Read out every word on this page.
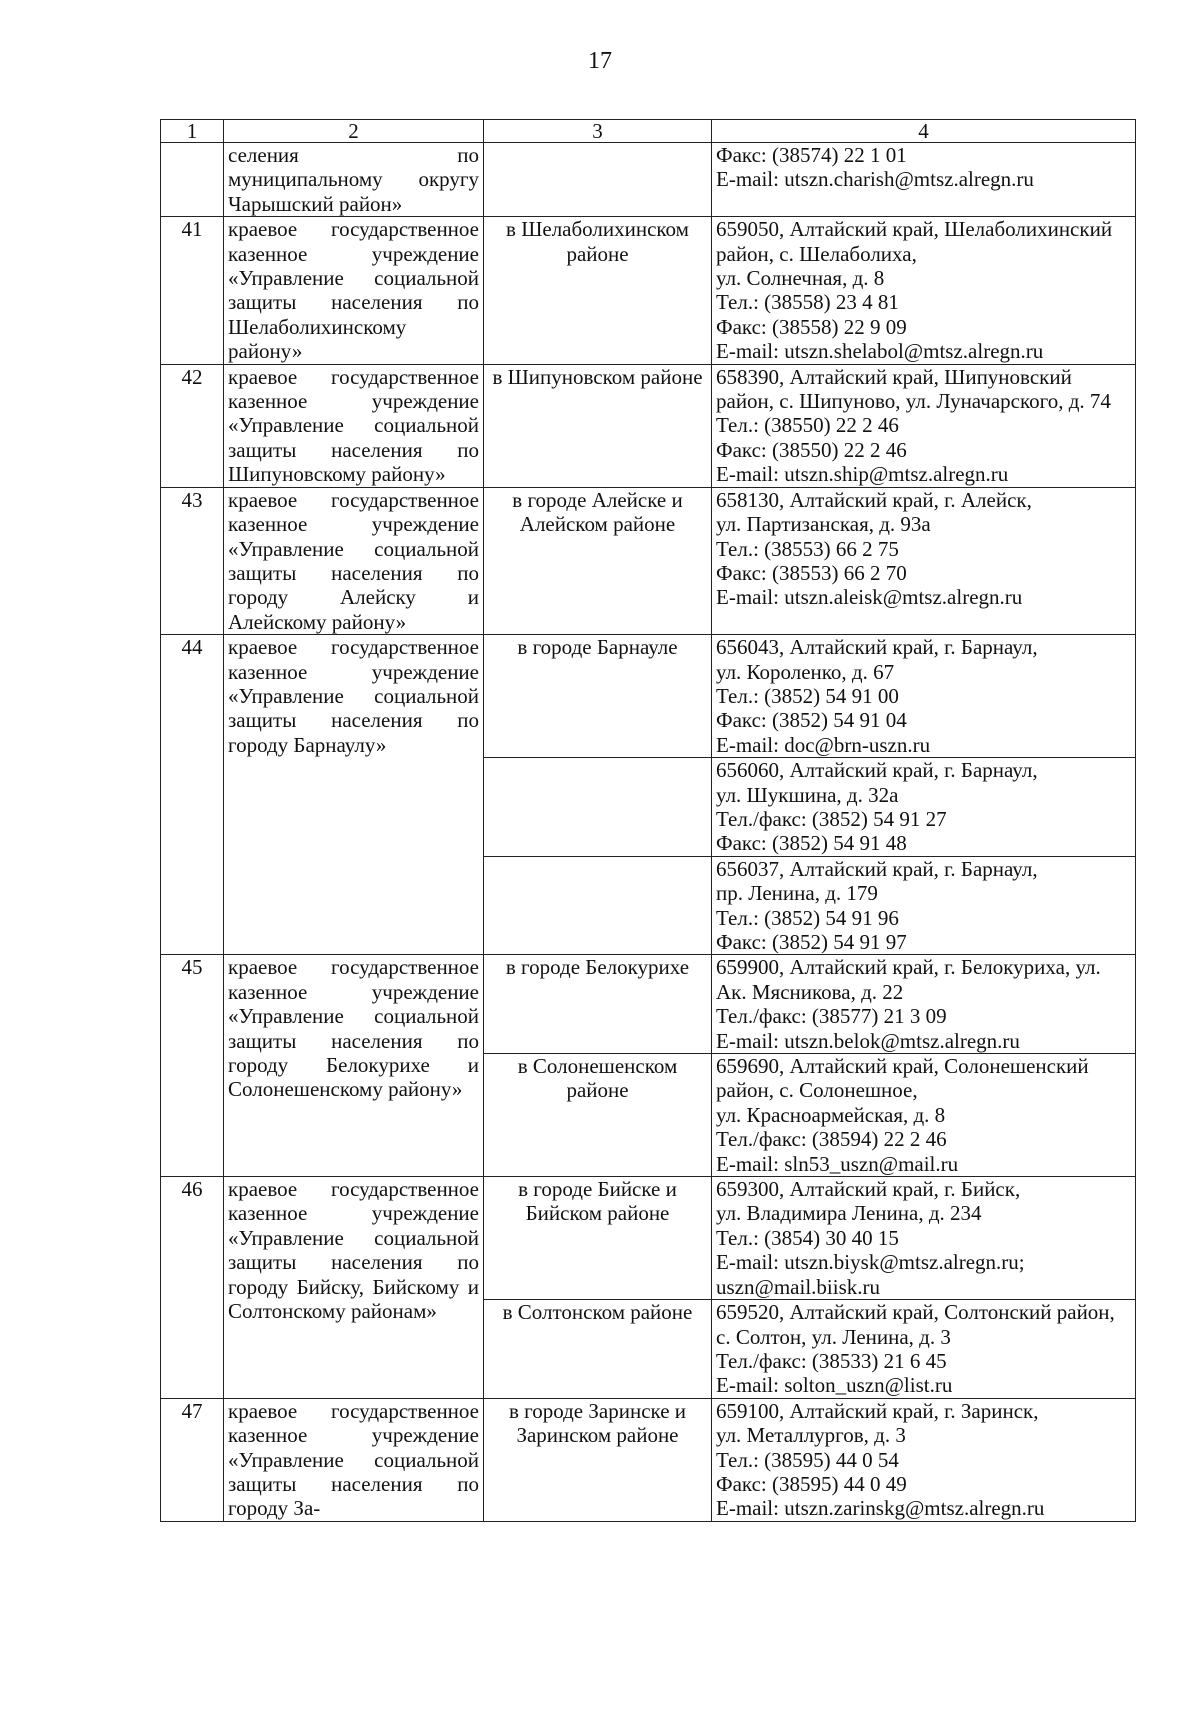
17
1	2	3	4
	селения по муниципальному округу Чарышский район»		Факс: (38574) 22 1 01
E-mail: utszn.charish@mtsz.alregn.ru

41	краевое государственное казенное учреждение «Управление социальной защиты населения по Шелаболихинскому району»	в Шелаболихинском районе	659050, Алтайский край, Шелаболихинский район, с. Шелаболиха,
ул. Солнечная, д. 8
Тел.: (38558) 23 4 81
Факс: (38558) 22 9 09
E-mail: utszn.shelabol@mtsz.alregn.ru

42	краевое государственное казенное учреждение «Управление социальной защиты населения по Шипуновскому району»	в Шипуновском районе	658390, Алтайский край, Шипуновский район, с. Шипуново, ул. Луначарского, д. 74
Тел.: (38550) 22 2 46
Факс: (38550) 22 2 46
E-mail: utszn.ship@mtsz.alregn.ru

43	краевое государственное казенное учреждение «Управление социальной защиты населения по городу Алейску и Алейскому району»	в городе Алейске и Алейском районе	658130, Алтайский край, г. Алейск,
ул. Партизанская, д. 93а
Тел.: (38553) 66 2 75
Факс: (38553) 66 2 70
E-mail: utszn.aleisk@mtsz.alregn.ru

44	краевое государственное казенное учреждение «Управление социальной защиты населения по городу Барнаулу»	в городе Барнауле	656043, Алтайский край, г. Барнаул,
ул. Короленко, д. 67
Тел.: (3852) 54 91 00
Факс: (3852) 54 91 04
E-mail: doc@brn-uszn.ru

			656060, Алтайский край, г. Барнаул,
ул. Шукшина, д. 32а
Тел./факс: (3852) 54 91 27
Факс: (3852) 54 91 48

			656037, Алтайский край, г. Барнаул,
пр. Ленина, д. 179
Тел.: (3852) 54 91 96
Факс: (3852) 54 91 97

45	краевое государственное казенное учреждение «Управление социальной защиты населения по городу Белокурихе и Солонешенскому району»	в городе Белокурихе	659900, Алтайский край, г. Белокуриха, ул. Ак. Мясникова, д. 22
Тел./факс: (38577) 21 3 09
E-mail: utszn.belok@mtsz.alregn.ru

		в Солонешенском районе	659690, Алтайский край, Солонешенский район, с. Солонешное,
ул. Красноармейская, д. 8
Тел./факс: (38594) 22 2 46
E-mail: sln53_uszn@mail.ru

46	краевое государственное казенное учреждение «Управление социальной защиты населения по городу Бийску, Бийскому и Солтонскому районам»	в городе Бийске и Бийском районе	659300, Алтайский край, г. Бийск,
ул. Владимира Ленина, д. 234
Тел.: (3854) 30 40 15
E-mail: utszn.biysk@mtsz.alregn.ru;
uszn@mail.biisk.ru

		в Солтонском районе	659520, Алтайский край, Солтонский район, с. Солтон, ул. Ленина, д. 3
Тел./факс: (38533) 21 6 45
E-mail: solton_uszn@list.ru

47	краевое государственное казенное учреждение «Управление социальной защиты населения по городу За-	в городе Заринске и Заринском районе	659100, Алтайский край, г. Заринск,
ул. Металлургов, д. 3
Тел.: (38595) 44 0 54
Факс: (38595) 44 0 49
E-mail: utszn.zarinskg@mtsz.alregn.ru
